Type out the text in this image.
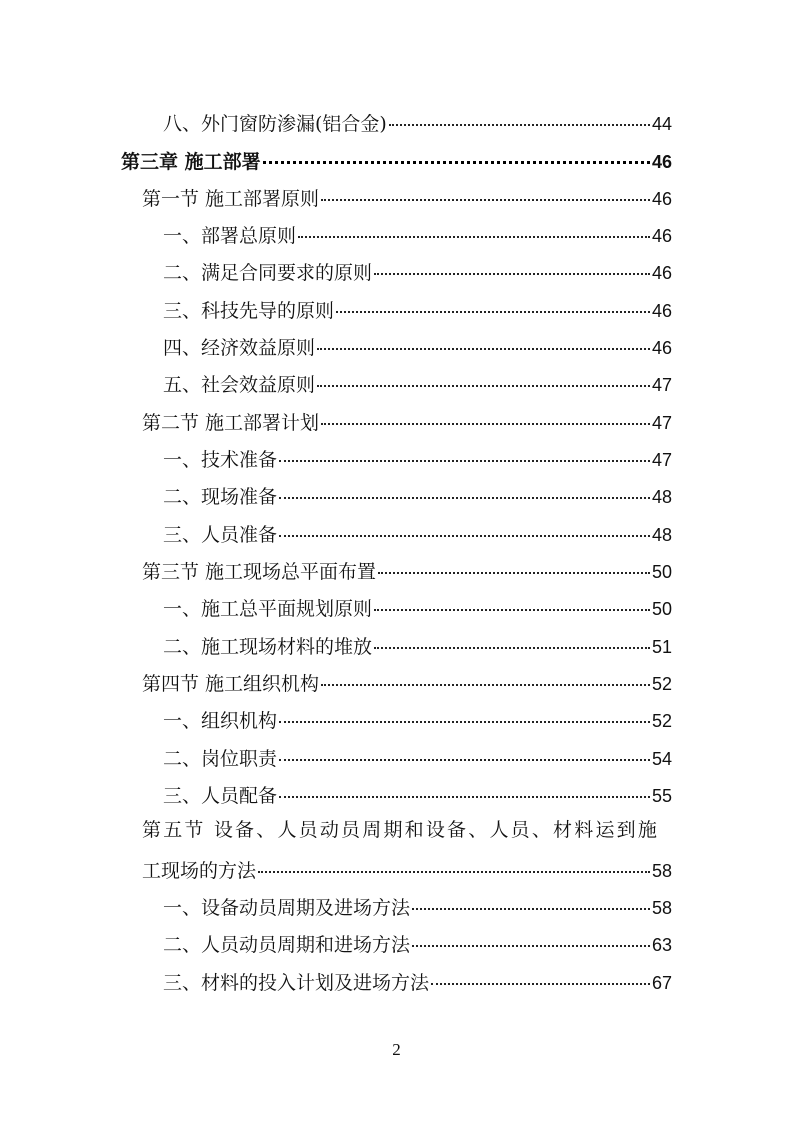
八、外门窗防渗漏(铝合金)	44
第三章 施工部署	46
第一节 施工部署原则	46
一、部署总原则	46
二、满足合同要求的原则	46
三、科技先导的原则	46
四、经济效益原则	46
五、社会效益原则	47
第二节 施工部署计划	47
一、技术准备	47
二、现场准备	48
三、人员准备	48
第三节 施工现场总平面布置	50
一、施工总平面规划原则	50
二、施工现场材料的堆放	51
第四节 施工组织机构	52
一、组织机构	52
二、岗位职责	54
三、人员配备	55
第五节 设备、人员动员周期和设备、人员、材料运到施
工现场的方法	58
一、设备动员周期及进场方法	58
二、人员动员周期和进场方法	63
三、材料的投入计划及进场方法	67
2
